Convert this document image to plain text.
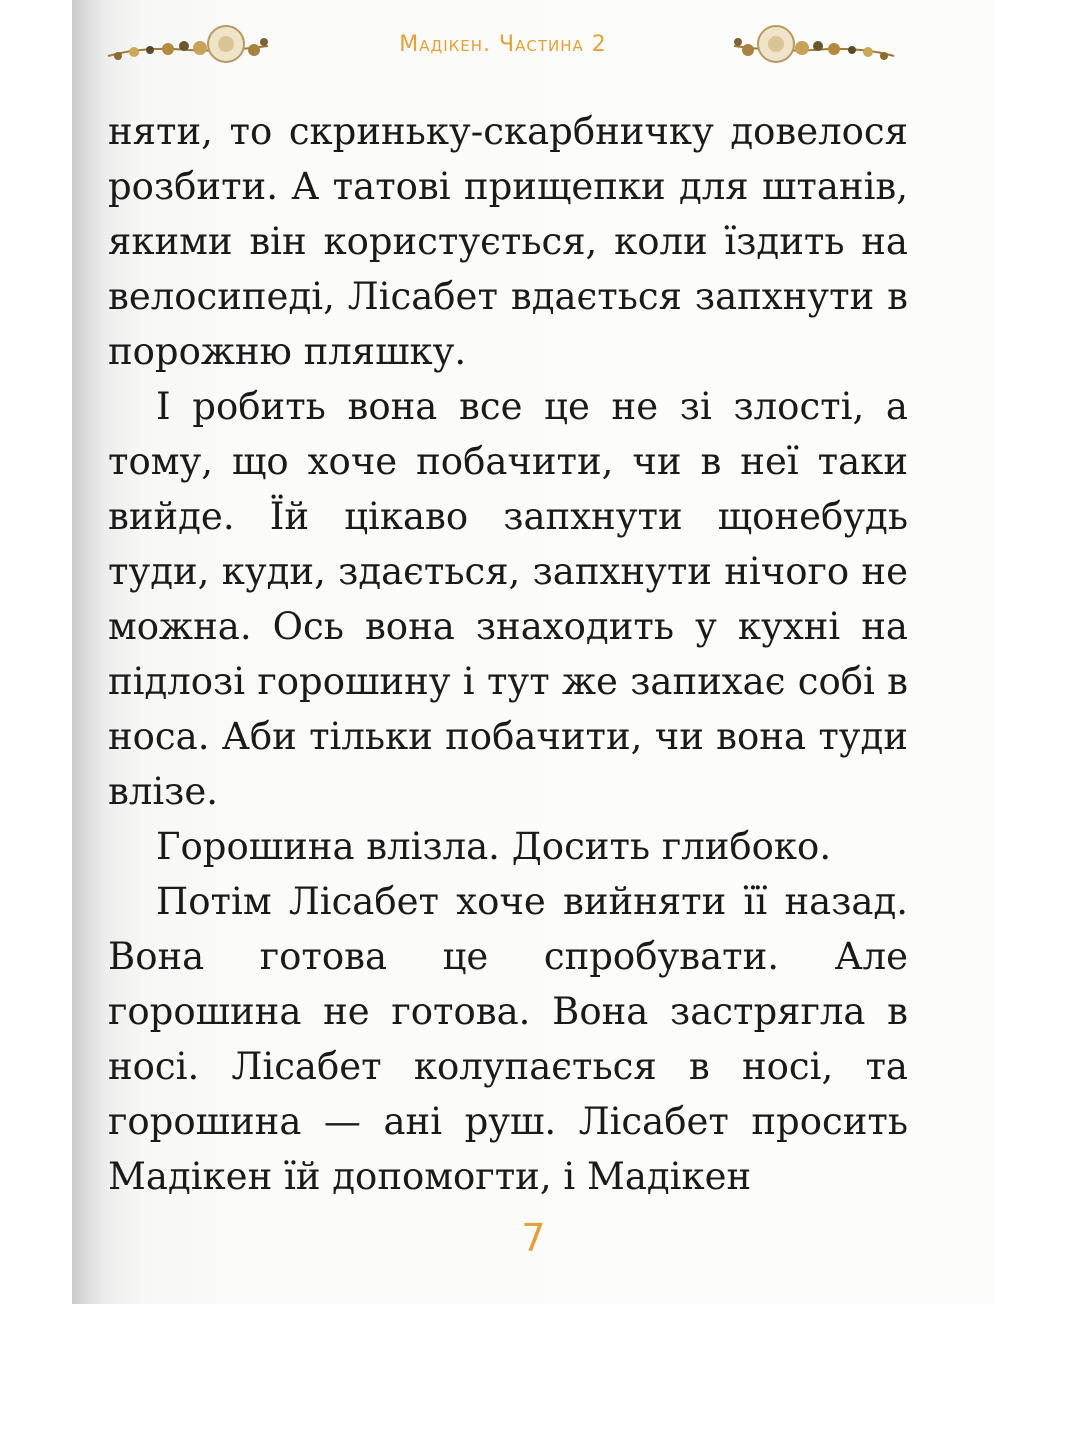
Мадікен. Частина 2

няти, то скриньку-скарбничку довелося розбити. А татові прищепки для штанів, якими він користується, коли їздить на велосипеді, Лісабет вдається запхнути в порожню пляшку.

І робить вона все це не зі злості, а тому, що хоче побачити, чи в неї таки вийде. Їй цікаво запхнути щонебудь туди, куди, здається, запхнути нічого не можна. Ось вона знаходить у кухні на підлозі горошину і тут же запихає собі в носа. Аби тільки побачити, чи вона туди влізе.

Горошина влізла. Досить глибоко.

Потім Лісабет хоче вийняти її назад. Вона готова це спробувати. Але горошина не готова. Вона застрягла в носі. Лісабет колупається в носі, та горошина — ані руш. Лісабет просить Мадікен їй допомогти, і Мадікен

7
